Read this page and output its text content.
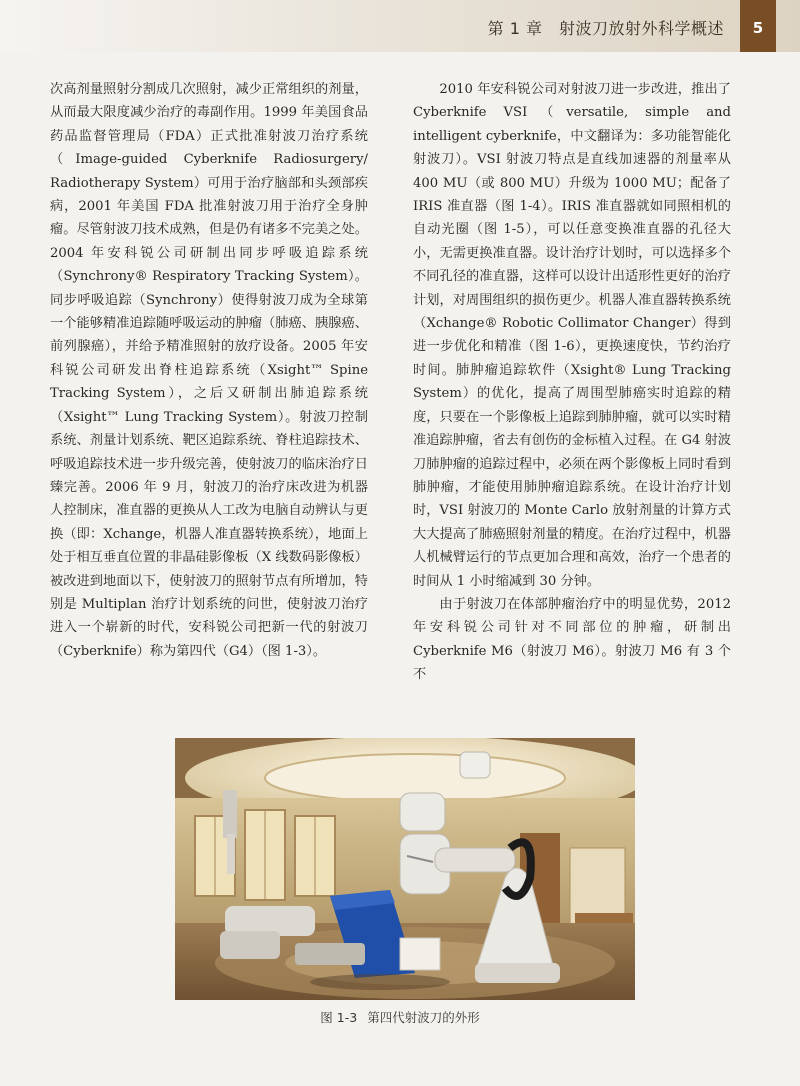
第 1 章　射波刀放射外科学概述	5

次高剂量照射分割成几次照射，减少正常组织的剂量，从而最大限度减少治疗的毒副作用。1999 年美国食品药品监督管理局（FDA）正式批准射波刀治疗系统（Image-guided Cyberknife Radiosurgery/ Radiotherapy System）可用于治疗脑部和头颈部疾病，2001 年美国 FDA 批准射波刀用于治疗全身肿瘤。尽管射波刀技术成熟，但是仍有诸多不完美之处。2004 年安科锐公司研制出同步呼吸追踪系统（Synchrony® Respiratory Tracking System）。同步呼吸追踪（Synchrony）使得射波刀成为全球第一个能够精准追踪随呼吸运动的肿瘤（肺癌、胰腺癌、前列腺癌），并给予精准照射的放疗设备。2005 年安科锐公司研发出脊柱追踪系统（Xsight™ Spine Tracking System），之后又研制出肺追踪系统（Xsight™ Lung Tracking System）。射波刀控制系统、剂量计划系统、靶区追踪系统、脊柱追踪技术、呼吸追踪技术进一步升级完善，使射波刀的临床治疗日臻完善。2006 年 9 月，射波刀的治疗床改进为机器人控制床，准直器的更换从人工改为电脑自动辨认与更换（即：Xchange，机器人准直器转换系统），地面上处于相互垂直位置的非晶硅影像板（X 线数码影像板）被改进到地面以下，使射波刀的照射节点有所增加，特别是 Multiplan 治疗计划系统的问世，使射波刀治疗进入一个崭新的时代，安科锐公司把新一代的射波刀（Cyberknife）称为第四代（G4）（图 1-3）。

2010 年安科锐公司对射波刀进一步改进，推出了 Cyberknife VSI（versatile, simple and intelligent cyberknife，中文翻译为：多功能智能化射波刀）。VSI 射波刀特点是直线加速器的剂量率从 400 MU（或 800 MU）升级为 1000 MU；配备了 IRIS 准直器（图 1-4）。IRIS 准直器就如同照相机的自动光圈（图 1-5），可以任意变换准直器的孔径大小，无需更换准直器。设计治疗计划时，可以选择多个不同孔径的准直器，这样可以设计出适形性更好的治疗计划，对周围组织的损伤更少。机器人准直器转换系统（Xchange® Robotic Collimator Changer）得到进一步优化和精准（图 1-6），更换速度快，节约治疗时间。肺肿瘤追踪软件（Xsight® Lung Tracking System）的优化，提高了周围型肺癌实时追踪的精度，只要在一个影像板上追踪到肺肿瘤，就可以实时精准追踪肿瘤，省去有创伤的金标植入过程。在 G4 射波刀肺肿瘤的追踪过程中，必须在两个影像板上同时看到肺肿瘤，才能使用肺肿瘤追踪系统。在设计治疗计划时，VSI 射波刀的 Monte Carlo 放射剂量的计算方式大大提高了肺癌照射剂量的精度。在治疗过程中，机器人机械臂运行的节点更加合理和高效，治疗一个患者的时间从 1 小时缩减到 30 分钟。

由于射波刀在体部肿瘤治疗中的明显优势，2012 年安科锐公司针对不同部位的肿瘤，研制出 Cyberknife M6（射波刀 M6）。射波刀 M6 有 3 个不

图 1-3 第四代射波刀的外形
